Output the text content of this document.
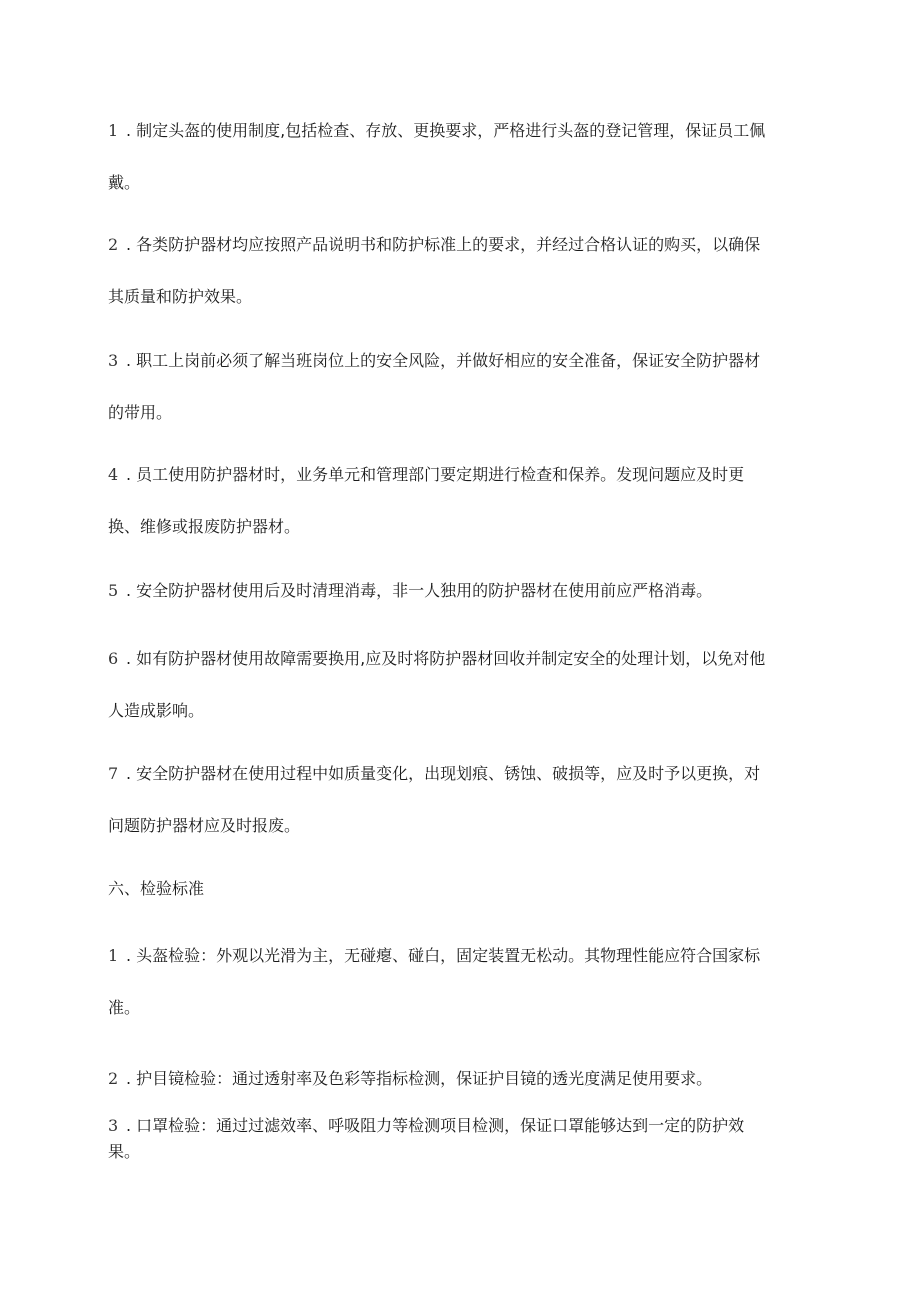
1 . 制定头盔的使用制度,包括检查、存放、更换要求，严格进行头盔的登记管理，保证员工佩
戴。
2 . 各类防护器材均应按照产品说明书和防护标准上的要求，并经过合格认证的购买，以确保
其质量和防护效果。
3 . 职工上岗前必须了解当班岗位上的安全风险，并做好相应的安全准备，保证安全防护器材
的带用。
4 . 员工使用防护器材时，业务单元和管理部门要定期进行检查和保养。发现问题应及时更
换、维修或报废防护器材。
5 . 安全防护器材使用后及时清理消毒，非一人独用的防护器材在使用前应严格消毒。
6 . 如有防护器材使用故障需要换用,应及时将防护器材回收并制定安全的处理计划，以免对他
人造成影响。
7 . 安全防护器材在使用过程中如质量变化，出现划痕、锈蚀、破损等，应及时予以更换，对
问题防护器材应及时报废。
六、检验标准
1 . 头盔检验：外观以光滑为主，无碰瘪、碰白，固定装置无松动。其物理性能应符合国家标
准。
2 . 护目镜检验：通过透射率及色彩等指标检测，保证护目镜的透光度满足使用要求。
3 . 口罩检验：通过过滤效率、呼吸阻力等检测项目检测，保证口罩能够达到一定的防护效
果。
